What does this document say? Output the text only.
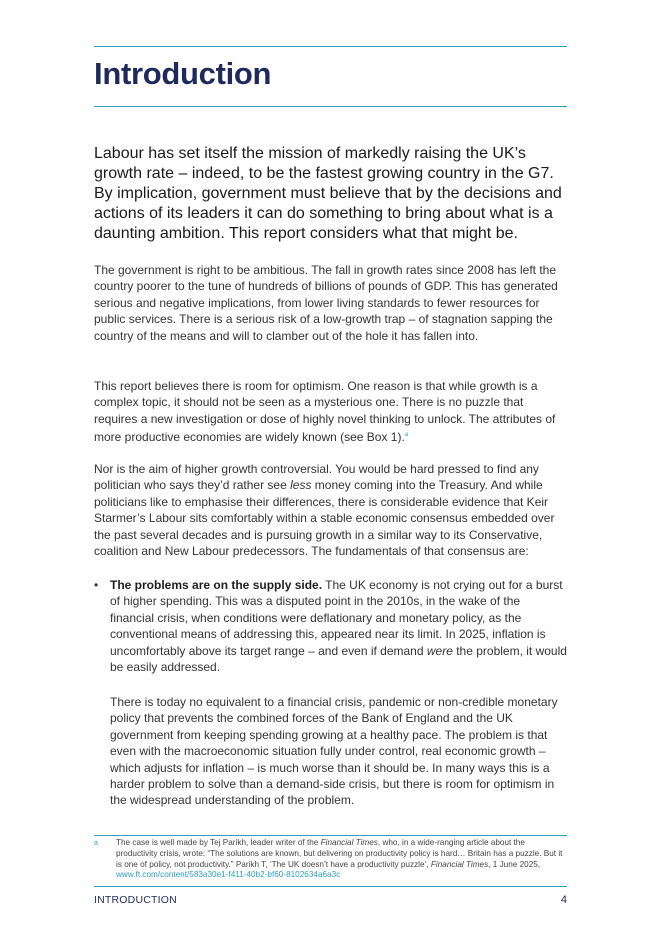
Introduction

Labour has set itself the mission of markedly raising the UK’s growth rate – indeed, to be the fastest growing country in the G7. By implication, government must believe that by the decisions and actions of its leaders it can do something to bring about what is a daunting ambition. This report considers what that might be.

The government is right to be ambitious. The fall in growth rates since 2008 has left the country poorer to the tune of hundreds of billions of pounds of GDP. This has generated serious and negative implications, from lower living standards to fewer resources for public services. There is a serious risk of a low-growth trap – of stagnation sapping the country of the means and will to clamber out of the hole it has fallen into.

This report believes there is room for optimism. One reason is that while growth is a complex topic, it should not be seen as a mysterious one. There is no puzzle that requires a new investigation or dose of highly novel thinking to unlock. The attributes of more productive economies are widely known (see Box 1).$^a$

Nor is the aim of higher growth controversial. You would be hard pressed to find any politician who says they’d rather see less money coming into the Treasury. And while politicians like to emphasise their differences, there is considerable evidence that Keir Starmer’s Labour sits comfortably within a stable economic consensus embedded over the past several decades and is pursuing growth in a similar way to its Conservative, coalition and New Labour predecessors. The fundamentals of that consensus are:

• The problems are on the supply side. The UK economy is not crying out for a burst of higher spending. This was a disputed point in the 2010s, in the wake of the financial crisis, when conditions were deflationary and monetary policy, as the conventional means of addressing this, appeared near its limit. In 2025, inflation is uncomfortably above its target range – and even if demand were the problem, it would be easily addressed.

There is today no equivalent to a financial crisis, pandemic or non-credible monetary policy that prevents the combined forces of the Bank of England and the UK government from keeping spending growing at a healthy pace. The problem is that even with the macroeconomic situation fully under control, real economic growth – which adjusts for inflation – is much worse than it should be. In many ways this is a harder problem to solve than a demand-side crisis, but there is room for optimism in the widespread understanding of the problem.

a The case is well made by Tej Parikh, leader writer of the Financial Times, who, in a wide-ranging article about the productivity crisis, wrote: “The solutions are known, but delivering on productivity policy is hard… Britain has a puzzle. But it is one of policy, not productivity.” Parikh T, ‘The UK doesn’t have a productivity puzzle’, Financial Times, 1 June 2025, www.ft.com/content/583a30e1-f411-40b2-bf60-8102634a6a3c

INTRODUCTION	4
